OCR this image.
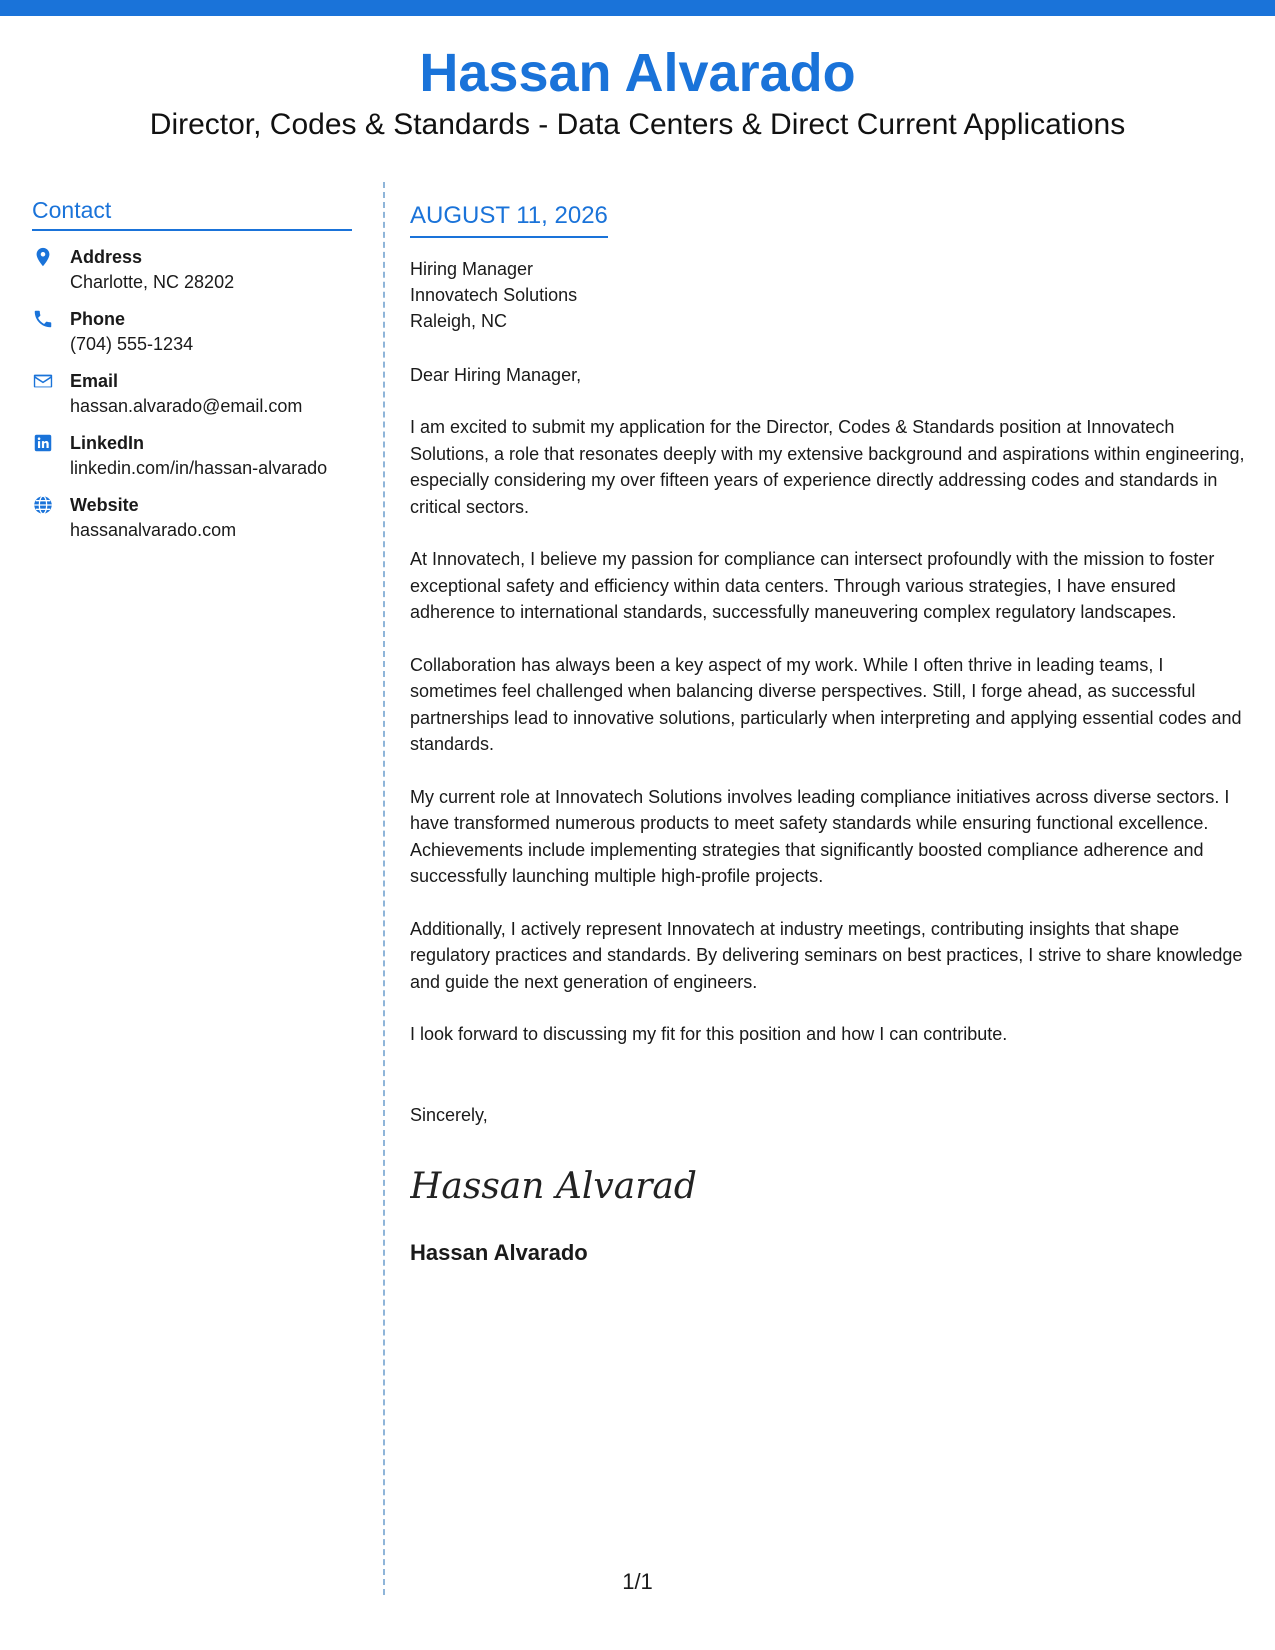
Hassan Alvarado
Director, Codes & Standards - Data Centers & Direct Current Applications
Contact
Address
Charlotte, NC 28202
Phone
(704) 555-1234
Email
hassan.alvarado@email.com
LinkedIn
linkedin.com/in/hassan-alvarado
Website
hassanalvarado.com
AUGUST 11, 2026
Hiring Manager
Innovatech Solutions
Raleigh, NC
Dear Hiring Manager,

I am excited to submit my application for the Director, Codes & Standards position at Innovatech Solutions, a role that resonates deeply with my extensive background and aspirations within engineering, especially considering my over fifteen years of experience directly addressing codes and standards in critical sectors.

At Innovatech, I believe my passion for compliance can intersect profoundly with the mission to foster exceptional safety and efficiency within data centers. Through various strategies, I have ensured adherence to international standards, successfully maneuvering complex regulatory landscapes.

Collaboration has always been a key aspect of my work. While I often thrive in leading teams, I sometimes feel challenged when balancing diverse perspectives. Still, I forge ahead, as successful partnerships lead to innovative solutions, particularly when interpreting and applying essential codes and standards.

My current role at Innovatech Solutions involves leading compliance initiatives across diverse sectors. I have transformed numerous products to meet safety standards while ensuring functional excellence. Achievements include implementing strategies that significantly boosted compliance adherence and successfully launching multiple high-profile projects.

Additionally, I actively represent Innovatech at industry meetings, contributing insights that shape regulatory practices and standards. By delivering seminars on best practices, I strive to share knowledge and guide the next generation of engineers.

I look forward to discussing my fit for this position and how I can contribute.

Sincerely,
Hassan Alvarad
Hassan Alvarado
1/1
